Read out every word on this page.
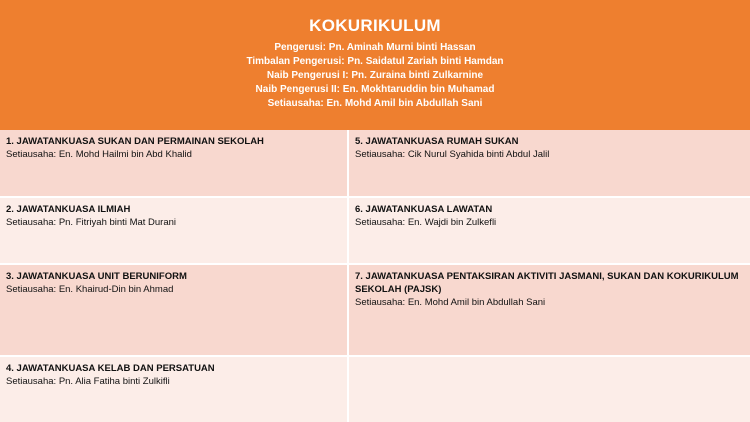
KOKURIKULUM
Pengerusi: Pn. Aminah Murni binti Hassan
Timbalan Pengerusi: Pn. Saidatul Zariah binti Hamdan
Naib Pengerusi I: Pn. Zuraina binti Zulkarnine
Naib Pengerusi II: En. Mokhtaruddin bin Muhamad
Setiausaha: En. Mohd Amil bin Abdullah Sani
1. JAWATANKUASA SUKAN DAN PERMAINAN SEKOLAH
Setiausaha: En. Mohd Hailmi bin Abd Khalid
5. JAWATANKUASA RUMAH SUKAN
Setiausaha: Cik Nurul Syahida binti Abdul Jalil
2. JAWATANKUASA ILMIAH
Setiausaha: Pn. Fitriyah binti Mat Durani
6. JAWATANKUASA LAWATAN
Setiausaha: En. Wajdi bin Zulkefli
3. JAWATANKUASA UNIT BERUNIFORM
Setiausaha: En. Khairud-Din bin Ahmad
7. JAWATANKUASA PENTAKSIRAN AKTIVITI JASMANI, SUKAN DAN KOKURIKULUM SEKOLAH (PAJSK)
Setiausaha: En. Mohd Amil bin Abdullah Sani
4. JAWATANKUASA KELAB DAN PERSATUAN
Setiausaha: Pn. Alia Fatiha binti Zulkifli
